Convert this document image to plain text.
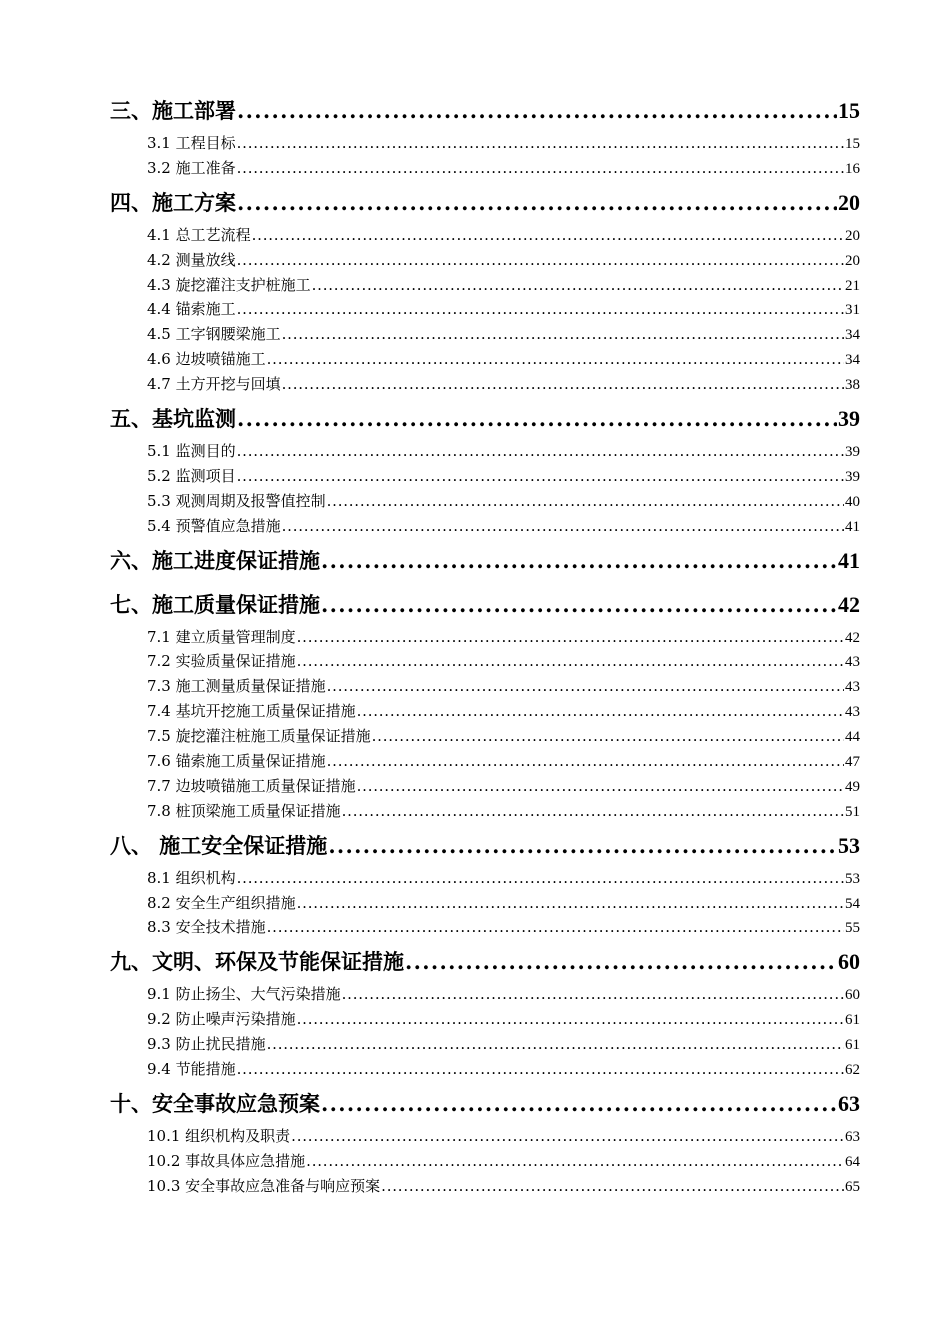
三、施工部署 . . .	15
3.1 工程目标 . . .	15
3.2 施工准备 . . .	16
四、施工方案 . . .	20
4.1 总工艺流程 . . .	20
4.2 测量放线 . . .	20
4.3 旋挖灌注支护桩施工 . . .	21
4.4 锚索施工 . . .	31
4.5 工字钢腰梁施工 . . .	34
4.6 边坡喷锚施工 . . .	34
4.7 土方开挖与回填 . . .	38
五、基坑监测 . . .	39
5.1 监测目的 . . .	39
5.2 监测项目 . . .	39
5.3 观测周期及报警值控制 . . .	40
5.4 预警值应急措施 . . .	41
六、施工进度保证措施 . . .	41
七、施工质量保证措施 . . .	42
7.1 建立质量管理制度 . . .	42
7.2 实验质量保证措施 . . .	43
7.3 施工测量质量保证措施 . . .	43
7.4 基坑开挖施工质量保证措施 . . .	43
7.5 旋挖灌注桩施工质量保证措施 . . .	44
7.6 锚索施工质量保证措施 . . .	47
7.7 边坡喷锚施工质量保证措施 . . .	49
7.8 桩顶梁施工质量保证措施 . . .	51
八、 施工安全保证措施 . . .	53
8.1 组织机构 . . .	53
8.2 安全生产组织措施 . . .	54
8.3 安全技术措施 . . .	55
九、文明、环保及节能保证措施 . . .	60
9.1 防止扬尘、大气污染措施 . . .	60
9.2 防止噪声污染措施 . . .	61
9.3 防止扰民措施 . . .	61
9.4 节能措施 . . .	62
十、安全事故应急预案 . . .	63
10.1 组织机构及职责 . . .	63
10.2 事故具体应急措施 . . .	64
10.3 安全事故应急准备与响应预案 . . .	65
